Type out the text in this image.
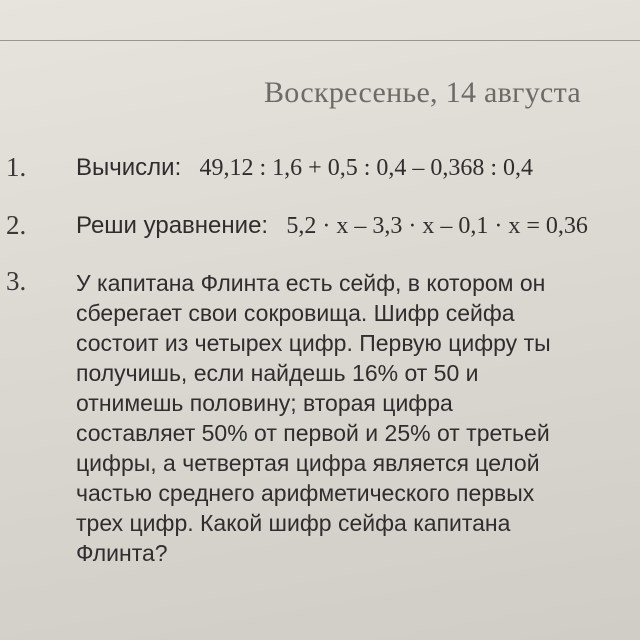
Воскресенье, 14 августа
1. Вычисли: 49,12 : 1,6 + 0,5 : 0,4 – 0,368 : 0,4
2. Реши уравнение: 5,2 · x – 3,3 · x – 0,1 · x = 0,36
3. У капитана Флинта есть сейф, в котором он
сберегает свои сокровища. Шифр сейфа
состоит из четырех цифр. Первую цифру ты
получишь, если найдешь 16% от 50 и
отнимешь половину; вторая цифра
составляет 50% от первой и 25% от третьей
цифры, а четвертая цифра является целой
частью среднего арифметического первых
трех цифр. Какой шифр сейфа капитана
Флинта?
